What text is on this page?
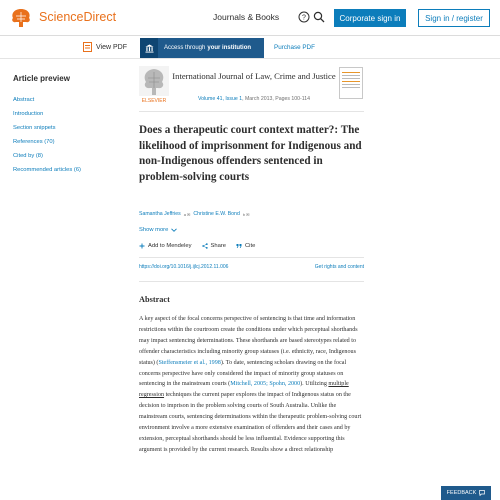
ScienceDirect	Journals & Books	?	Corporate sign in	Sign in / register
View PDF	Access through your institution	Purchase PDF
Article preview
Abstract
Introduction
Section snippets
References (70)
Cited by (8)
Recommended articles (6)
ELSEVIER
International Journal of Law, Crime and Justice
Volume 41, Issue 1, March 2013, Pages 100-114
Does a therapeutic court context matter?: The likelihood of imprisonment for Indigenous and non-Indigenous offenders sentenced in problem-solving courts
Samantha Jeffries a ✉ Christine E.W. Bond b ✉
Show more
Add to Mendeley	Share	Cite
https://doi.org/10.1016/j.ijlcj.2012.11.006	Get rights and content
Abstract
A key aspect of the focal concerns perspective of sentencing is that time and information restrictions within the courtroom create the conditions under which perceptual shorthands may impact sentencing determinations. These shorthands are based stereotypes related to offender characteristics including minority group statuses (i.e. ethnicity, race, Indigenous status) (Steffensmeier et al., 1998). To date, sentencing scholars drawing on the focal concerns perspective have only considered the impact of minority group statuses on sentencing in the mainstream courts (Mitchell, 2005; Spohn, 2000). Utilizing multiple regression techniques the current paper explores the impact of Indigenous status on the decision to imprison in the problem solving courts of South Australia. Unlike the mainstream courts, sentencing determinations within the therapeutic problem-solving court environment involve a more extensive examination of offenders and their cases and by extension, perceptual shorthands should be less influential. Evidence supporting this argument is provided by the current research. Results show a direct relationship
FEEDBACK
